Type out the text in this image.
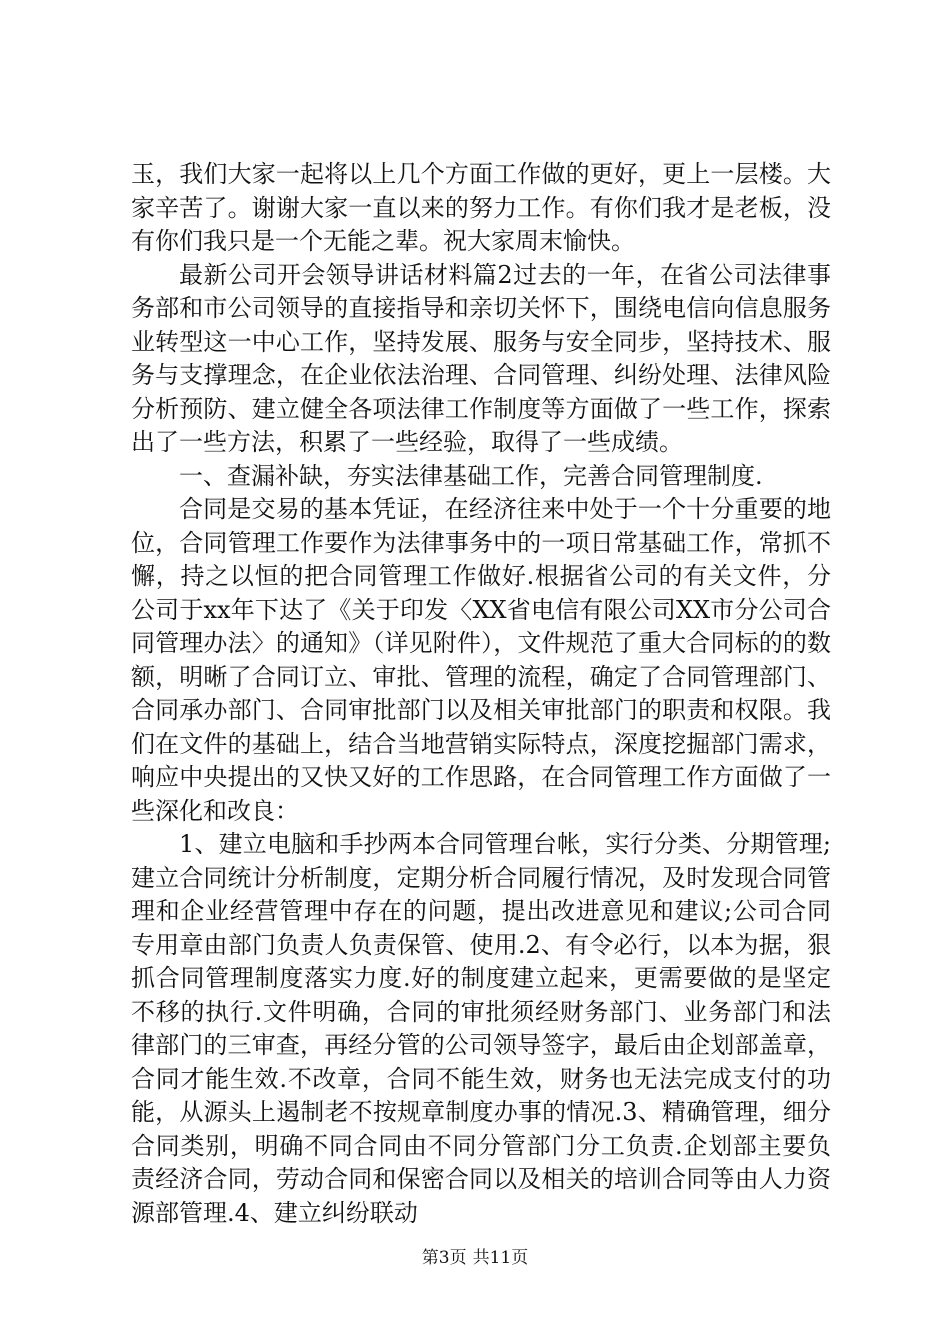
玉，我们大家一起将以上几个方面工作做的更好，更上一层楼。大家辛苦了。谢谢大家一直以来的努力工作。有你们我才是老板，没有你们我只是一个无能之辈。祝大家周末愉快。

最新公司开会领导讲话材料篇2过去的一年，在省公司法律事务部和市公司领导的直接指导和亲切关怀下，围绕电信向信息服务业转型这一中心工作，坚持发展、服务与安全同步，坚持技术、服务与支撑理念，在企业依法治理、合同管理、纠纷处理、法律风险分析预防、建立健全各项法律工作制度等方面做了一些工作，探索出了一些方法，积累了一些经验，取得了一些成绩。

一、查漏补缺，夯实法律基础工作，完善合同管理制度.

合同是交易的基本凭证，在经济往来中处于一个十分重要的地位，合同管理工作要作为法律事务中的一项日常基础工作，常抓不懈，持之以恒的把合同管理工作做好.根据省公司的有关文件，分公司于xx年下达了《关于印发〈XX省电信有限公司XX市分公司合同管理办法〉的通知》（详见附件），文件规范了重大合同标的的数额，明晰了合同订立、审批、管理的流程，确定了合同管理部门、合同承办部门、合同审批部门以及相关审批部门的职责和权限。我们在文件的基础上，结合当地营销实际特点，深度挖掘部门需求，响应中央提出的又快又好的工作思路，在合同管理工作方面做了一些深化和改良：

1、建立电脑和手抄两本合同管理台帐，实行分类、分期管理;建立合同统计分析制度，定期分析合同履行情况，及时发现合同管理和企业经营管理中存在的问题，提出改进意见和建议;公司合同专用章由部门负责人负责保管、使用.2、有令必行，以本为据，狠抓合同管理制度落实力度.好的制度建立起来，更需要做的是坚定不移的执行.文件明确，合同的审批须经财务部门、业务部门和法律部门的三审查，再经分管的公司领导签字，最后由企划部盖章，合同才能生效.不改章，合同不能生效，财务也无法完成支付的功能，从源头上遏制老不按规章制度办事的情况.3、精确管理，细分合同类别，明确不同合同由不同分管部门分工负责.企划部主要负责经济合同，劳动合同和保密合同以及相关的培训合同等由人力资源部管理.4、建立纠纷联动

第3页 共11页
